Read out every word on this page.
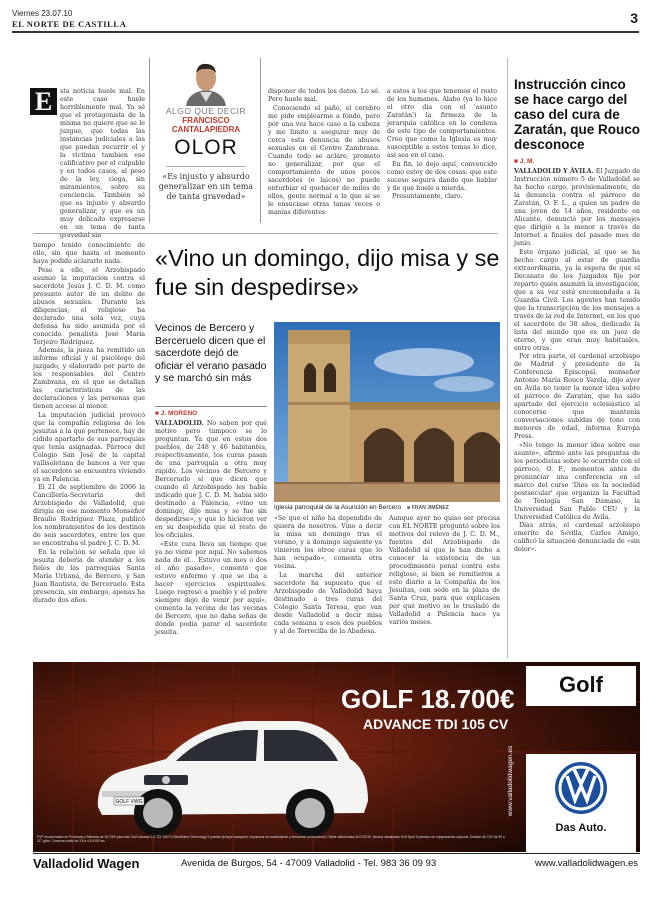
Viernes 23.07.10
EL NORTE DE CASTILLA	3
E	sta noticia huele mal. En este caso huele horriblemente mal. Ya sé que el protagonista de la misma no quiere que se le juzgue, que todas las instancias judiciales a las que puedan recurrir el y la victima tambien ese calificativo por el culpable y en todos casos, al peso de la ley, ciega, sin miramientos, sobre su conciencia. También sé que es injusto y absurdo generalizar, y que es un muy delicado expresarse en un tema de tanta gravedad sin

ALGO QUE DECIR
FRANCISCO CANTALAPIEDRA
OLOR
«Es injusto y absurdo generalizar en un tema de tanta gravedad»

disponer de todos los datos. Lo sé. Pero huele mal.

Conociendo el paño, el cerebro me pide emplearme a fondo, pero por una vez hace caso a la cabeza y me limito a asegurar muy de cerca esta denuncia de abusos sexuales en el Centro Zambrana. Cuando todo se aclare, prometo no generalizar, por que el comportamiento de unos pocos sacerdotes (o laicos) no puede enturbiar el quehacer de miles de ellos, gente normal a la que si se le ensuciase otras tanas veces o manías diferentes

a estos a los que tenemos el resto de los humanos. Alabo (ya lo hice el otro día con el 'asunto Zaratán') la firmeza de la jerarquía católica en la condena de este tipo de comportamientos. Creo que como la Iglesia es muy susceptible a estos temas lo dice, así sea en el caso.

En fin, lo dejo aquí, convencido como estoy de dos cosas: que este suceso seguirá dando que hablar y de que huele a mierda.

Presuntamente, claro.

Instrucción cinco se hace cargo del caso del cura de Zaratán, que Rouco desconoce
■ J. M.

VALLADOLID Y ÁVILA. El Juzgado de Instrucción número 5 de Valladolid se ha hecho cargo, provisionalmente, de la denuncia contra el párroco de Zaratán, O. F. L., a quien un padre de una joven de 14 años, residente en Alicante, denunció por los mensajes que dirigió a la menor a través de Internet a finales del pasado mes de junio.

Este órgano judicial, al que se ha hecho cargo al estar de guardia extraordinaria, ya la espera de que el Decanato de los Juzgados fije por reparto quién asumirá la investigación, que a su vez está encomendada a la Guardia Civil. Los agentes han tenido que la transcripción de los mensajes a través de la red de Internet, en los que el sacerdote de 38 años, dedicado la lista del mundo que es un juez de eterno, y que eran muy habituales, entre otras.

Por otra parte, el cardenal arzobispo de Madrid y presidente de la Conferencia Episcopal, monseñor Antonio María Rouco Varela, dijo ayer en Ávila no tener la menor idea sobre el párroco de Zaratán, que ha sido apartado del ejercicio eclesiástico al conocerse que mantenía conversaciones subidas de tono con menores de edad, informa Europa Press.

«No tengo la menor idea sobre ese asunto», afirmó ante las preguntas de los periodistas sobre lo ocurrido con el párroco, O. F., momentos antes de pronunciar una conferencia en el marco del curso 'Dios en la sociedad postsecular' que organiza la Facultad de Teología San Dámaso, la Universidad San Pablo CEU y la Universidad Católica de Ávila.

Días atrás, el cardenal arzobispo emérito de Sevilla, Carlos Amigo, calificó la situación denunciada de «sin dolor».

tiempo tenido conocimiento de ello, sin que hasta el momento haya podido aclararlo nada.

Pese a ello, el Arzobispado asumió la imputación contra el sacerdote Jesús J. C. D. M. como presunto autor de un delito de abusos sexuales. Durante las diligencias, el religioso ha declarado una sola vez, cuya defensa ha sido asumida por el conocido penalista José María Terjeiro Rodríguez.

Además, la jueza ha remitido un informe oficial y el psicólogo del juzgado, y elaborado por parte de los responsables del Centro Zambrana, en el que se detallan las características de las declaraciones y las personas que tienen acceso al menor.

La imputación judicial provocó que la compañía religiosa de los jesuitas a la que pertenece, hay de cidido apartarlo de sus parroquias que tenía asignadas. Párroco del Colegio San José de la capital vallisoletana de bancos a ver que el sacerdote se encuentra viviendo ya en Palencia.

El 21 de septiembre de 2006 la Cancillería-Secretaría del Arzobispado de Valladolid, que dirigía en ese momento Monseñor Braulio Rodríguez Plaza, publicó los nombramientos de los destinos de seis sacerdotes, entre los que se encontraba el padre J. C. D. M.

En la relación se señala que el jesuita debería de atender a los fieles de las parroquias Santa María Urbana, de Bercero, y San Juan Bautista, de Berceruelo. Esta presencia, sin embargo, apenas ha durado dos años.

«Vino un domingo, dijo misa y se fue sin despedirse»
Vecinos de Bercero y Berceruelo dicen que el sacerdote dejó de oficiar el verano pasado y se marchó sin más
■ J. MORENO
Iglesia parroquial de la Asunción en Bercero ■ FRAN JIMÉNEZ

VALLADOLID. No saben por qué motivo pero tampoco se lo preguntan. Ya que en estos dos pueblos, de 248 y 46 habitantes, respectivamente, los curas pasan de una parroquia a otra muy rápido. Los vecinos de Bercero y Berceruelo sí que dicen que cuando el Arzobispado les había indicado que J. C. D. M. había sido destinado a Palencia, «vino un domingo, dijo misa y se fue sin despedirse», y que lo hicieron ver en su despedida que el resto de los oficiales.

«Este cura lleva un tiempo que ya no viene por aquí. No sabemos nada de él... Estuvo un mes o dos el año pasado», comentó que estuvo enfermo y que se iba a hacer ejercicios espirituales. Luego regresó a pueblo y el pobre siempre dejó de venir por aquí», comenta la vecina de las vecinas de Bercero, que no daba señas de dónde podía parar el sacerdote jesuita.

«Se que el niño ha dependido de quiera de nosotros. Vino a decir la misa un domingo tras el verano, y a domingo siguiente ya vinieron los otros curas que lo han ocupado», comenta otra vecina.

La marcha del anterior sacerdote ha supuesto que el Arzobispado de Valladolid haya destinado a tres curas del Colegio Santa Teresa, que van desde Valladolid a decir misa cada semana a esos dos pueblos y al de Torrecilla de la Abadesa.

Aunque ayer no quiso ser precisa con EL NORTE preguntó sobre los motivos del relevo de J. C. D. M., fuentes del Arzobispado de Valladolid sí que le han dicho a conocer la existencia de un procedimiento penal contra este religioso, si bien se remitieron a este diario a la Compañía de los Jesuitas, con sede en la plaza de Santa Cruz, para que explicasen por qué motivo se le trasladó de Valladolid a Palencia hace ya varios meses.

GOLF VWG
GOLF 18.700€
ADVANCE TDI 105 CV
Golf
Das Auto.
www.valladolidwagen.es
PVP recomendado en Península y Baleares de 18.700€ para este Golf Advance 1.6 TDI 105 CV BlueMotion Technology 5 puertas (incluye transporte, impuestos de matriculación y descuento promocional). Oferta válida hasta 31/07/2010. Modelo visualizado Golf Sport 5 puertas con equipamiento opcional. Emisión de CO2 de 99 a 117 g/km. Consumo mixto de 3,8 a 4,5 l/100 km.
Valladolid Wagen	Avenida de Burgos, 54 - 47009 Valladolid - Tel. 983 36 09 93	www.valladolidwagen.es
